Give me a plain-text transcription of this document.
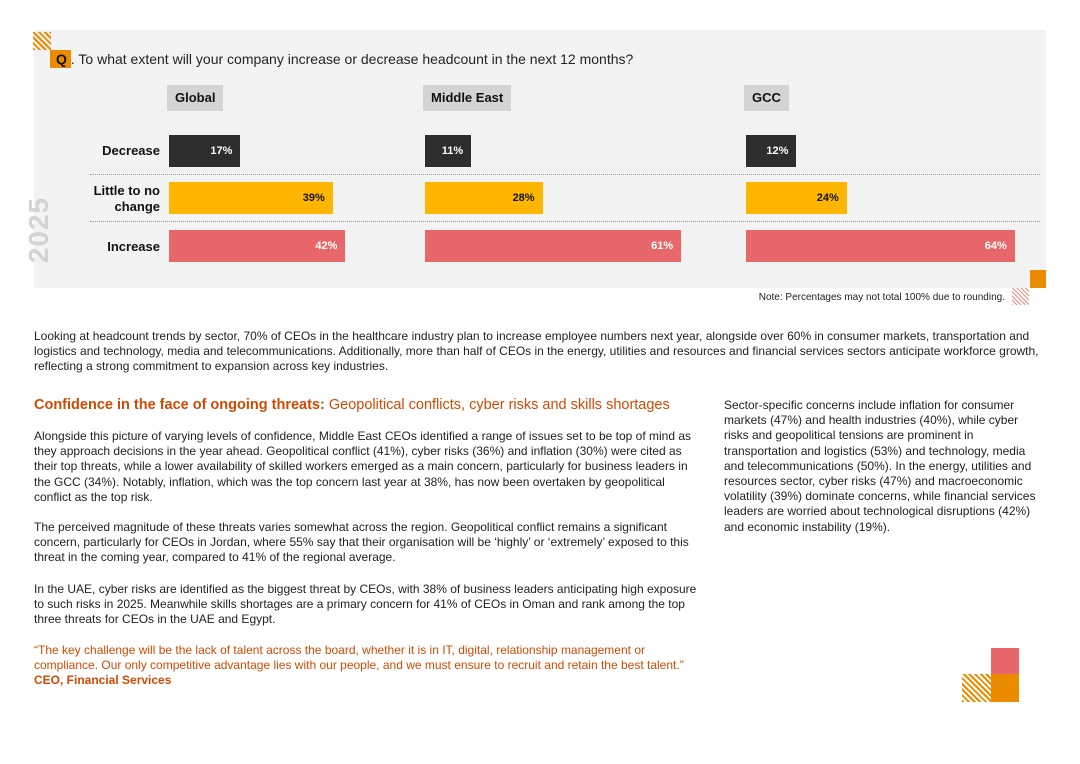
Q . To what extent will your company increase or decrease headcount in the next 12 months?
2025
Global
17%
39%
42%
Middle East
11%
28%
61%
GCC
12%
24%
64%
Decrease
Little to no
change
Increase
Note: Percentages may not total 100% due to rounding.
Looking at headcount trends by sector, 70% of CEOs in the healthcare industry plan to increase employee numbers next year, alongside over 60% in consumer markets, transportation and logistics and technology, media and telecommunications. Additionally, more than half of CEOs in the energy, utilities and resources and financial services sectors anticipate workforce growth, reflecting a strong commitment to expansion across key industries.
Confidence in the face of ongoing threats: Geopolitical conflicts, cyber risks and skills shortages
Alongside this picture of varying levels of confidence, Middle East CEOs identified a range of issues set to be top of mind as they approach decisions in the year ahead. Geopolitical conflict (41%), cyber risks (36%) and inflation (30%) were cited as their top threats, while a lower availability of skilled workers emerged as a main concern, particularly for business leaders in the GCC (34%). Notably, inflation, which was the top concern last year at 38%, has now been overtaken by geopolitical conflict as the top risk.
The perceived magnitude of these threats varies somewhat across the region. Geopolitical conflict remains a significant concern, particularly for CEOs in Jordan, where 55% say that their organisation will be ‘highly’ or ‘extremely’ exposed to this threat in the coming year, compared to 41% of the regional average.
In the UAE, cyber risks are identified as the biggest threat by CEOs, with 38% of business leaders anticipating high exposure to such risks in 2025. Meanwhile skills shortages are a primary concern for 41% of CEOs in Oman and rank among the top three threats for CEOs in the UAE and Egypt.
“The key challenge will be the lack of talent across the board, whether it is in IT, digital, relationship management or compliance. Our only competitive advantage lies with our people, and we must ensure to recruit and retain the best talent.” CEO, Financial Services
Sector-specific concerns include inflation for consumer markets (47%) and health industries (40%), while cyber risks and geopolitical tensions are prominent in transportation and logistics (53%) and technology, media and telecommunications (50%). In the energy, utilities and resources sector, cyber risks (47%) and macroeconomic volatility (39%) dominate concerns, while financial services leaders are worried about technological disruptions (42%) and economic instability (19%).
